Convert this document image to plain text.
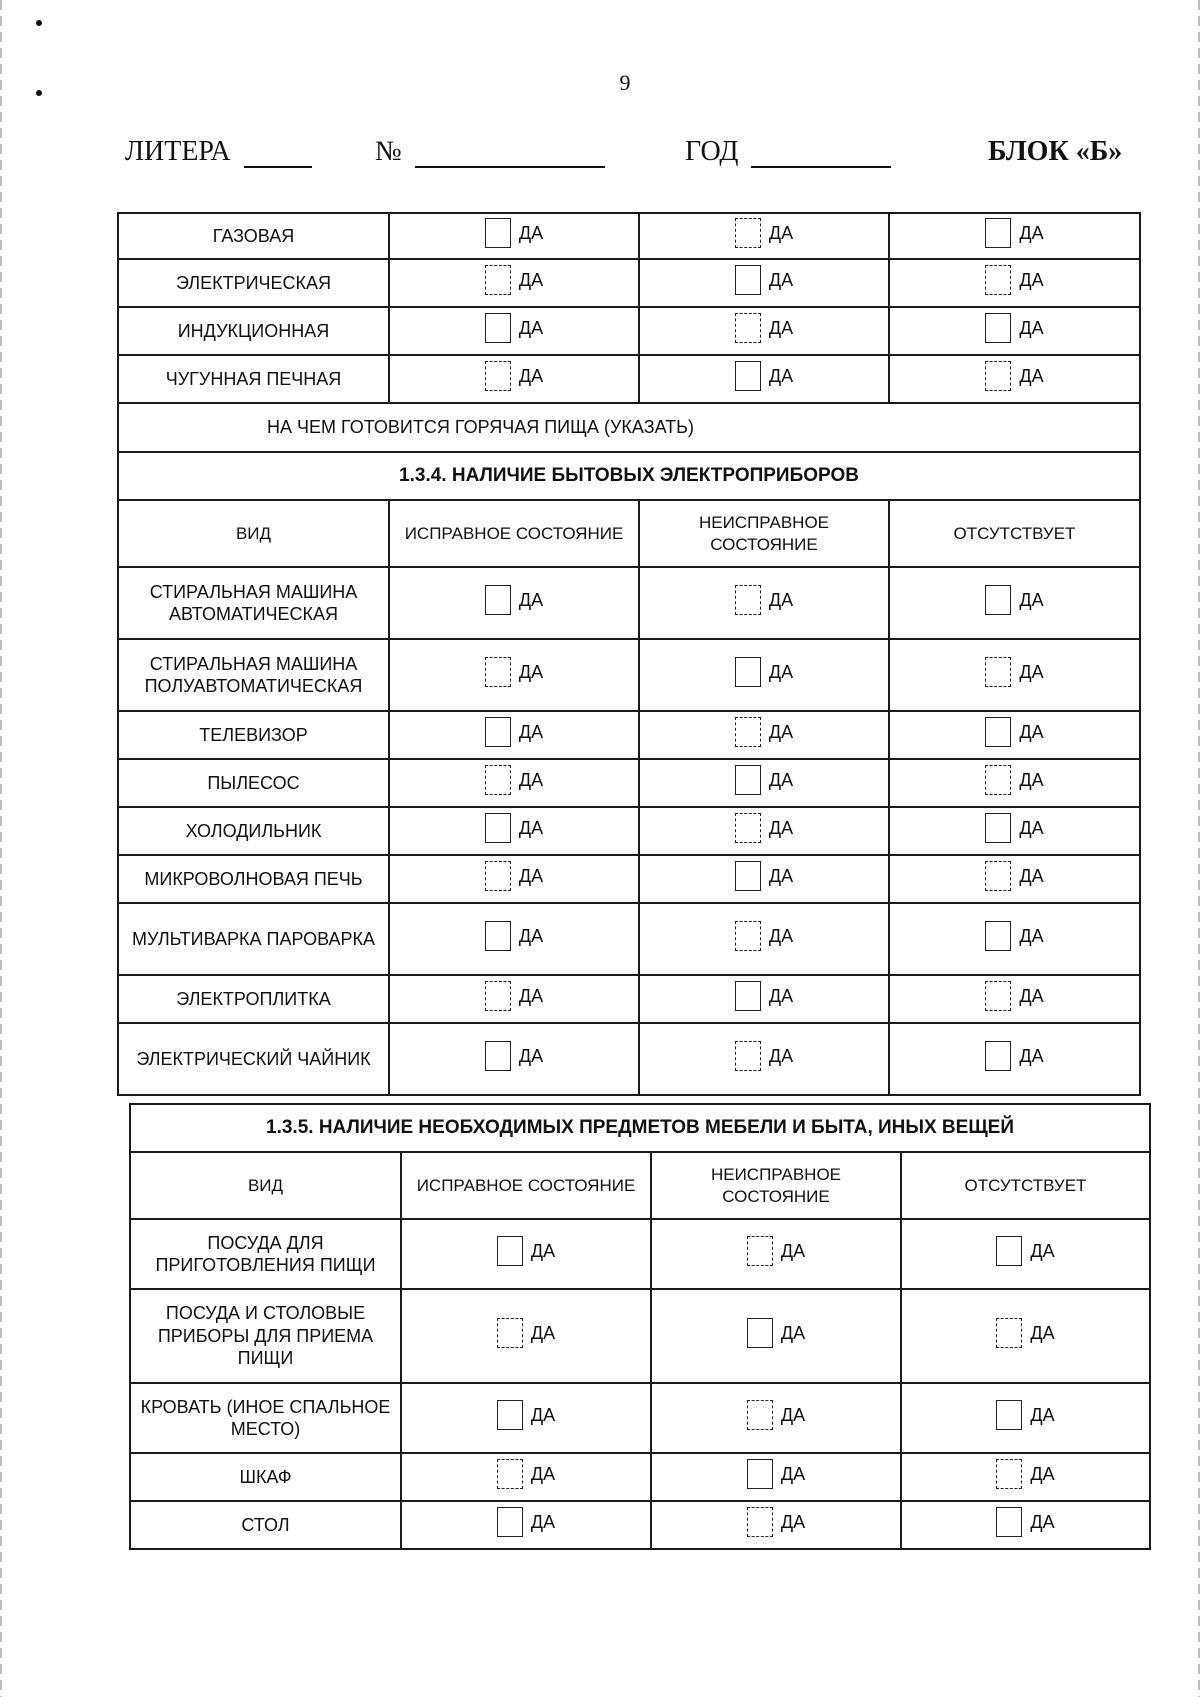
9
ЛИТЕРА	№	ГОД	БЛОК «Б»
ГАЗОВАЯ	ДА	ДА	ДА

ЭЛЕКТРИЧЕСКАЯ	ДА	ДА	ДА

ИНДУКЦИОННАЯ	ДА	ДА	ДА

ЧУГУННАЯ ПЕЧНАЯ	ДА	ДА	ДА

НА ЧЕМ ГОТОВИТСЯ ГОРЯЧАЯ ПИЩА (УКАЗАТЬ)			
1.3.4. НАЛИЧИЕ БЫТОВЫХ ЭЛЕКТРОПРИБОРОВ			
ВИД	ИСПРАВНОЕ СОСТОЯНИЕ	НЕИСПРАВНОЕ СОСТОЯНИЕ	ОТСУТСТВУЕТ
СТИРАЛЬНАЯ МАШИНА АВТОМАТИЧЕСКАЯ	ДА	ДА	ДА

СТИРАЛЬНАЯ МАШИНА ПОЛУАВТОМАТИЧЕСКАЯ	ДА	ДА	ДА

ТЕЛЕВИЗОР	ДА	ДА	ДА

ПЫЛЕСОС	ДА	ДА	ДА

ХОЛОДИЛЬНИК	ДА	ДА	ДА

МИКРОВОЛНОВАЯ ПЕЧЬ	ДА	ДА	ДА

МУЛЬТИВАРКА ПАРОВАРКА	ДА	ДА	ДА

ЭЛЕКТРОПЛИТКА	ДА	ДА	ДА

ЭЛЕКТРИЧЕСКИЙ ЧАЙНИК	ДА	ДА	ДА
1.3.5. НАЛИЧИЕ НЕОБХОДИМЫХ ПРЕДМЕТОВ МЕБЕЛИ И БЫТА, ИНЫХ ВЕЩЕЙ			
ВИД	ИСПРАВНОЕ СОСТОЯНИЕ	НЕИСПРАВНОЕ СОСТОЯНИЕ	ОТСУТСТВУЕТ
ПОСУДА ДЛЯ ПРИГОТОВЛЕНИЯ ПИЩИ	ДА	ДА	ДА

ПОСУДА И СТОЛОВЫЕ ПРИБОРЫ ДЛЯ ПРИЕМА ПИЩИ	ДА	ДА	ДА

КРОВАТЬ (ИНОЕ СПАЛЬНОЕ МЕСТО)	ДА	ДА	ДА

ШКАФ	ДА	ДА	ДА

СТОЛ	ДА	ДА	ДА
